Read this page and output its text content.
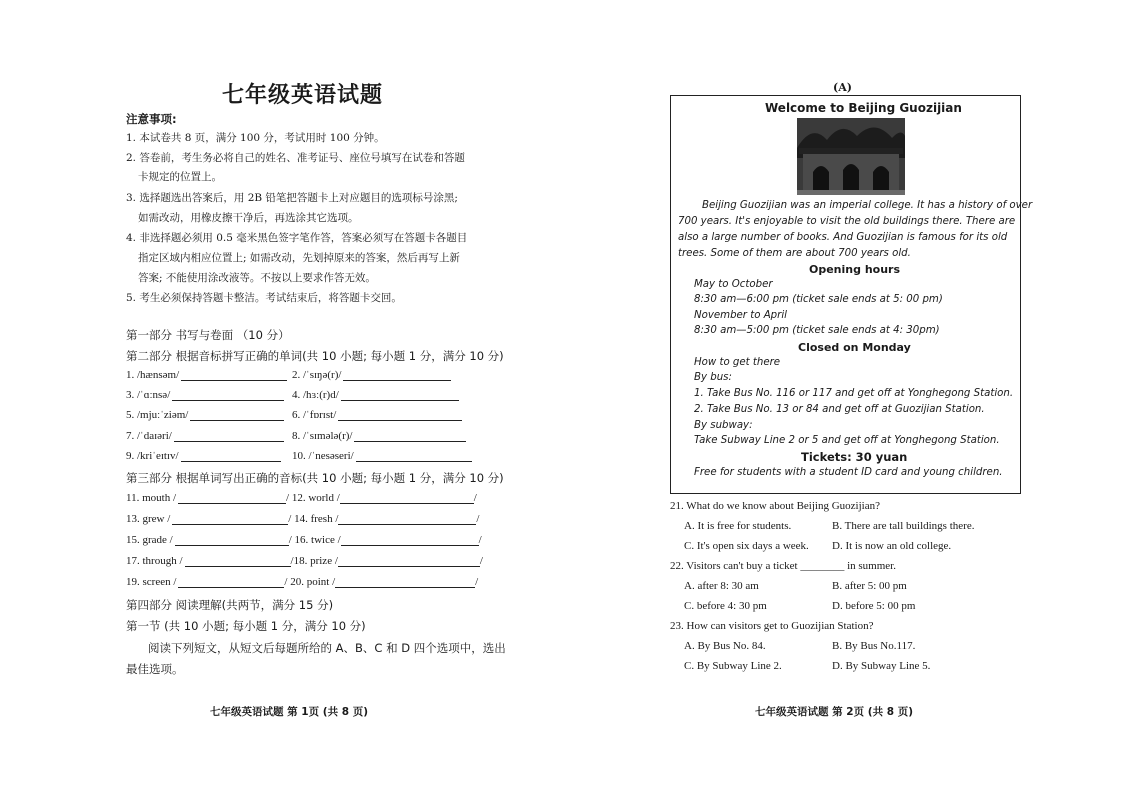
七年级英语试题
注意事项:
1. 本试卷共 8 页，满分 100 分，考试用时 100 分钟。
2. 答卷前，考生务必将自己的姓名、准考证号、座位号填写在试卷和答题
卡规定的位置上。
3. 选择题选出答案后，用 2B 铅笔把答题卡上对应题目的选项标号涂黑;
如需改动，用橡皮擦干净后，再选涂其它选项。
4. 非选择题必须用 0.5 毫米黑色签字笔作答，答案必须写在答题卡各题目
指定区域内相应位置上; 如需改动，先划掉原来的答案，然后再写上新
答案; 不能使用涂改液等。不按以上要求作答无效。
5. 考生必须保持答题卡整洁。考试结束后，将答题卡交回。
第一部分 书写与卷面 （10 分）
第二部分 根据音标拼写正确的单词(共 10 小题; 每小题 1 分，满分 10 分)
1. /hænsəm/	2. /ˈsɪŋə(r)/
3. /ˈɑːnsə/	4. /hɜː(r)d/
5. /mjuːˈziəm/	6. /ˈfɒrɪst/
7. /ˈdaɪəri/	8. /ˈsɪmələ(r)/
9. /kriˈeɪtɪv/	10. /ˈnesəseri/
第三部分 根据单词写出正确的音标(共 10 小题; 每小题 1 分，满分 10 分)
11. mouth /	/ 12. world /	/
13. grew /	/ 14. fresh /	/
15. grade /	/ 16. twice /	/
17. through /	/18. prize /	/
19. screen /	/ 20. point /	/
第四部分 阅读理解(共两节，满分 15 分)
第一节 (共 10 小题; 每小题 1 分，满分 10 分)
阅读下列短文，从短文后每题所给的 A、B、C 和 D 四个选项中，选出
最佳选项。
七年级英语试题 第 1页 (共 8 页)
(A)
Welcome to Beijing Guozijian
Beijing Guozijian was an imperial college. It has a history of over
700 years. It's enjoyable to visit the old buildings there. There are
also a large number of books. And Guozijian is famous for its old
trees. Some of them are about 700 years old.
Opening hours
May to October
8:30 am—6:00 pm (ticket sale ends at 5: 00 pm)
November to April
8:30 am—5:00 pm (ticket sale ends at 4: 30pm)
Closed on Monday
How to get there
By bus:
1. Take Bus No. 116 or 117 and get off at Yonghegong Station.
2. Take Bus No. 13 or 84 and get off at Guozijian Station.
By subway:
Take Subway Line 2 or 5 and get off at Yonghegong Station.
Tickets: 30 yuan
Free for students with a student ID card and young children.
21. What do we know about Beijing Guozijian?
A. It is free for students.	B. There are tall buildings there.
C. It's open six days a week. D. It is now an old college.
22. Visitors can't buy a ticket ________ in summer.
A. after 8: 30 am	B. after 5: 00 pm
C. before 4: 30 pm	D. before 5: 00 pm
23. How can visitors get to Guozijian Station?
A. By Bus No. 84.	B. By Bus No.117.
C. By Subway Line 2.	D. By Subway Line 5.
七年级英语试题 第 2页 (共 8 页)
